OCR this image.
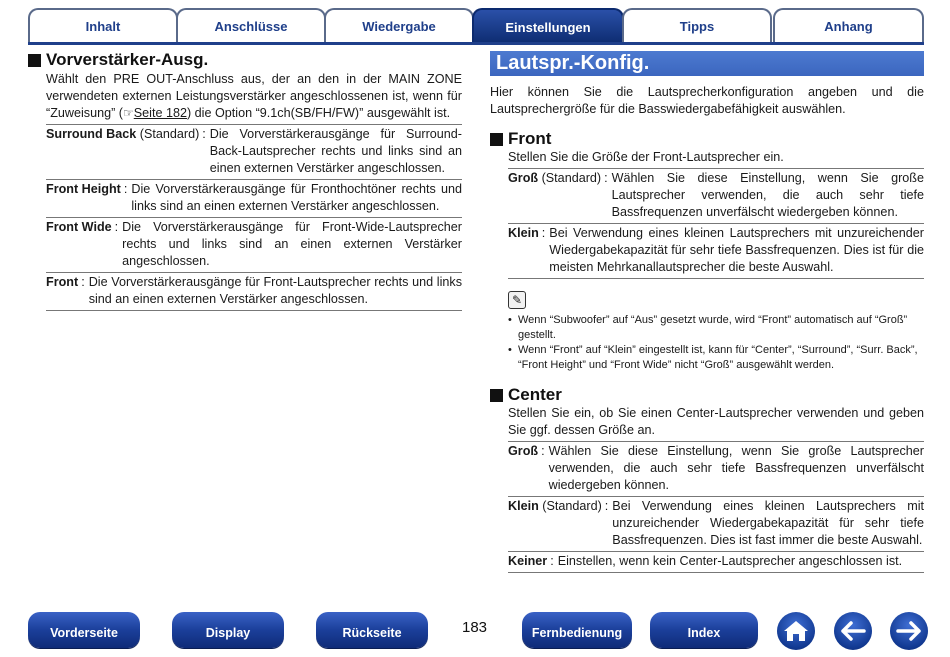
Inhalt	Anschlüsse	Wiedergabe	Einstellungen	Tipps	Anhang
Vorverstärker-Ausg.
Wählt den PRE OUT-Anschluss aus, der an den in der MAIN ZONE verwendeten externen Leistungsverstärker angeschlossenen ist, wenn für “Zuweisung” (☞Seite 182) die Option “9.1ch(SB/FH/FW)” ausgewählt ist.
Surround Back (Standard) : Die Vorverstärkerausgänge für Surround-Back-Lautsprecher rechts und links sind an einen externen Verstärker angeschlossen.
Front Height : Die Vorverstärkerausgänge für Fronthochtöner rechts und links sind an einen externen Verstärker angeschlossen.
Front Wide : Die Vorverstärkerausgänge für Front-Wide-Lautsprecher rechts und links sind an einen externen Verstärker angeschlossen.
Front : Die Vorverstärkerausgänge für Front-Lautsprecher rechts und links sind an einen externen Verstärker angeschlossen.
Lautspr.-Konfig.
Hier können Sie die Lautsprecherkonfiguration angeben und die Lautsprechergröße für die Basswiedergabefähigkeit auswählen.
Front
Stellen Sie die Größe der Front-Lautsprecher ein.
Groß (Standard) : Wählen Sie diese Einstellung, wenn Sie große Lautsprecher verwenden, die auch sehr tiefe Bassfrequenzen unverfälscht wiedergeben können.
Klein : Bei Verwendung eines kleinen Lautsprechers mit unzureichender Wiedergabekapazität für sehr tiefe Bassfrequenzen. Dies ist für die meisten Mehrkanallautsprecher die beste Auswahl.
✎
• Wenn “Subwoofer” auf “Aus” gesetzt wurde, wird “Front” automatisch auf “Groß” gestellt.
• Wenn “Front” auf “Klein” eingestellt ist, kann für “Center”, “Surround”, “Surr. Back”, “Front Height” und “Front Wide” nicht “Groß” ausgewählt werden.
Center
Stellen Sie ein, ob Sie einen Center-Lautsprecher verwenden und geben Sie ggf. dessen Größe an.
Groß : Wählen Sie diese Einstellung, wenn Sie große Lautsprecher verwenden, die auch sehr tiefe Bassfrequenzen unverfälscht wiedergeben können.
Klein (Standard) : Bei Verwendung eines kleinen Lautsprechers mit unzureichender Wiedergabekapazität für sehr tiefe Bassfrequenzen. Dies ist fast immer die beste Auswahl.
Keiner : Einstellen, wenn kein Center-Lautsprecher angeschlossen ist.
Vorderseite	Display	Rückseite	183	Fernbedienung	Index
